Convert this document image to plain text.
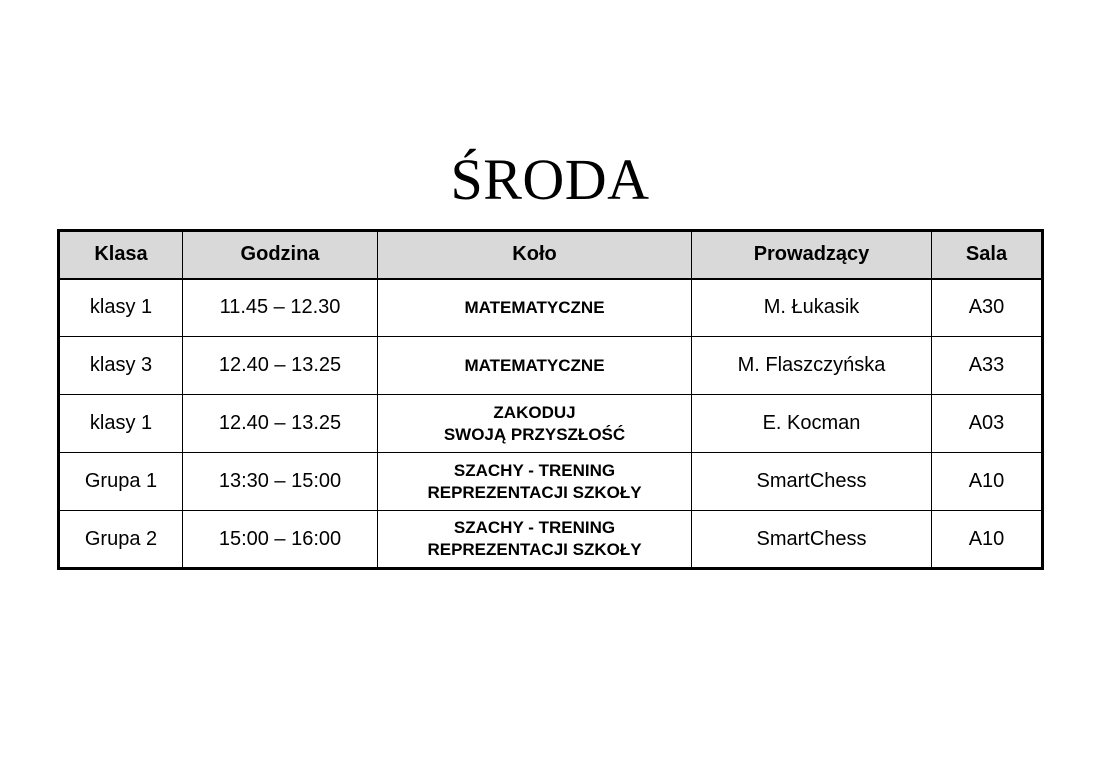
ŚRODA
Klasa	Godzina	Koło	Prowadzący	Sala
klasy 1	11.45 – 12.30	MATEMATYCZNE	M. Łukasik	A30
klasy 3	12.40 – 13.25	MATEMATYCZNE	M. Flaszczyńska	A33
klasy 1	12.40 – 13.25	ZAKODUJ
SWOJĄ PRZYSZŁOŚĆ	E. Kocman	A03
Grupa 1	13:30 – 15:00	SZACHY - TRENING
REPREZENTACJI SZKOŁY	SmartChess	A10
Grupa 2	15:00 – 16:00	SZACHY - TRENING
REPREZENTACJI SZKOŁY	SmartChess	A10
